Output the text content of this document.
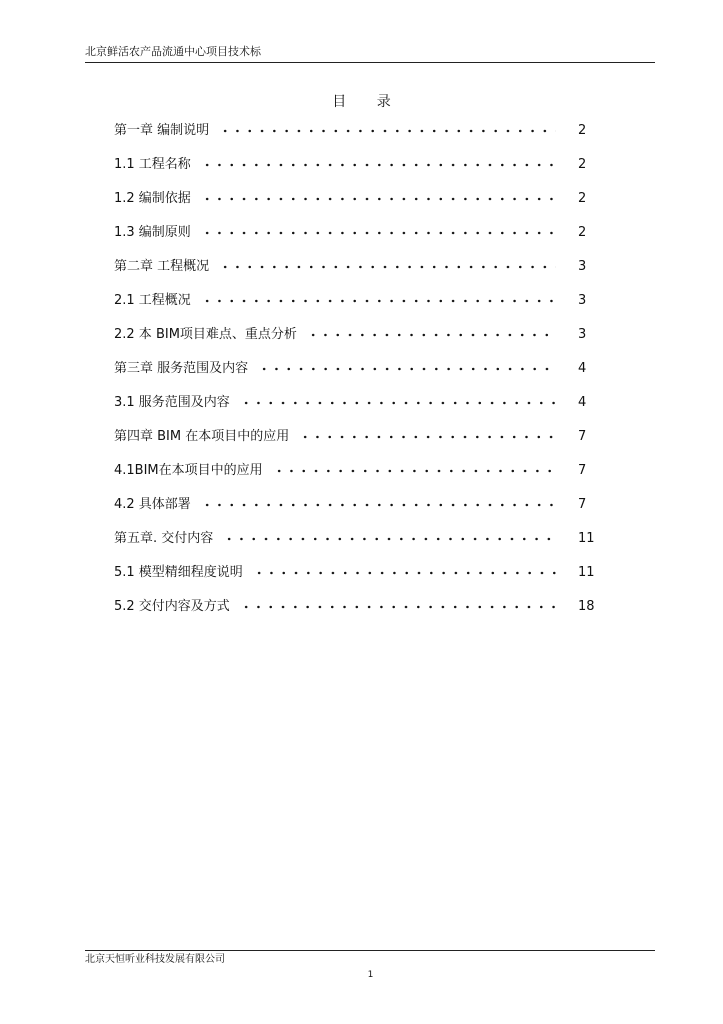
北京鲜活农产品流通中心项目技术标
目 录
第一章 编制说明	2
1.1 工程名称	2
1.2 编制依据	2
1.3 编制原则	2
第二章 工程概况	3
2.1 工程概况	3
2.2 本 BIM项目难点、重点分析	3
第三章 服务范围及内容	4
3.1 服务范围及内容	4
第四章 BIM 在本项目中的应用	7
4.1BIM在本项目中的应用	7
4.2 具体部署	7
第五章. 交付内容	11
5.1 模型精细程度说明	11
5.2 交付内容及方式	18
北京天恒听业科技发展有限公司
1
